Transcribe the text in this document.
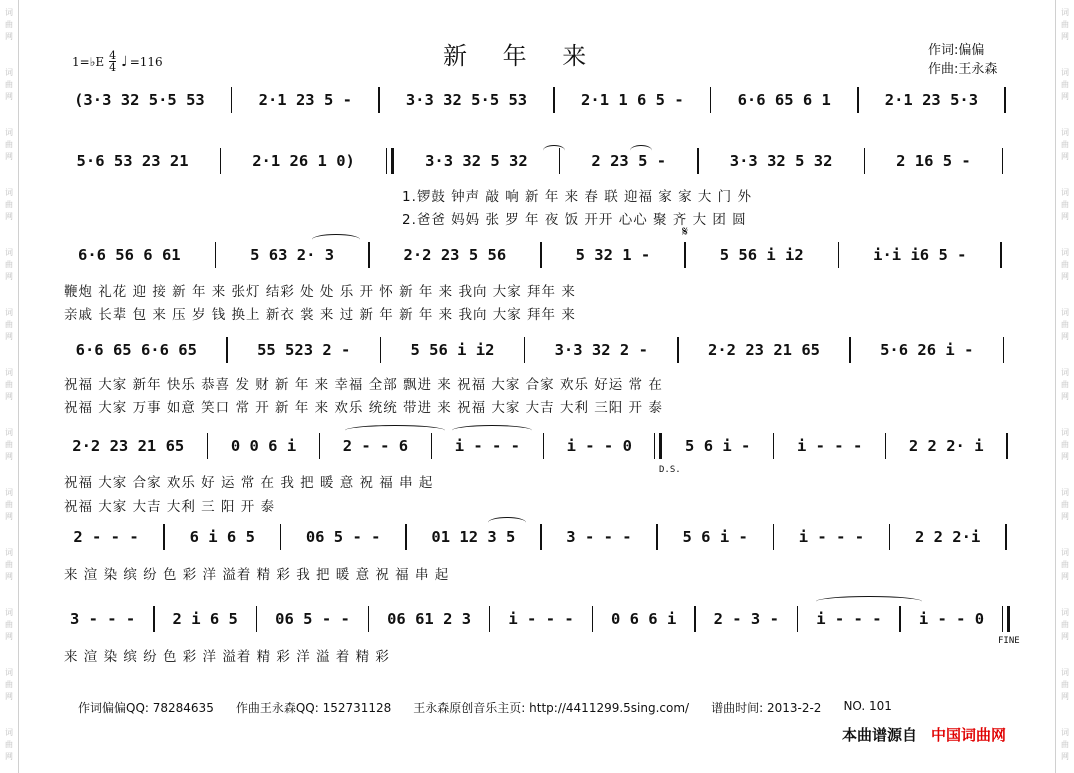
词
曲
网
词
曲
网
词
曲
网
词
曲
网
词
曲
网
词
曲
网
词
曲
网
词
曲
网
词
曲
网
词
曲
网
词
曲
网
词
曲
网
词
曲
网
词
曲
网
词
曲
网
词
曲
网
词
曲
网
词
曲
网
词
曲
网
词
曲
网
词
曲
网
词
曲
网
词
曲
网
词
曲
网
词
曲
网
词
曲
网
1=♭E $\frac{4}{4}$ ♩ =116	新 年 来	作词:偏偏
作曲:王永森
(3·3 32 5·5 53	2·1 23 5 -	3·3 32 5·5 53	2·1 1 6 5 -	6·6 65 6 1	2·1 23 5·3
5·6 53 23 21	2·1 26 1 0)	3·3 32 5 32	2 23 5 -	3·3 32 5 32	2 16 5 -
1.锣鼓 钟声 敲 响 新 年 来 春 联 迎福 家 家 大 门 外
2.爸爸 妈妈 张 罗 年 夜 饭 开开 心心 聚 齐 大 团 圆
6·6 56 6 61	5 63 2· 3	2·2 23 5 56	5 32 1 -	5 56 i i2	i·i i6 5 -
鞭炮 礼花 迎 接 新 年 来 张灯 结彩 处 处 乐 开 怀 新 年 来 我向 大家 拜年 来
亲戚 长辈 包 来 压 岁 钱 换上 新衣 裳 来 过 新 年 新 年 来 我向 大家 拜年 来
6·6 65 6·6 65	55 523 2 -	5 56 i i2	3·3 32 2 -	2·2 23 21 65	5·6 26 i -
祝福 大家 新年 快乐 恭喜 发 财 新 年 来 幸福 全部 飘进 来 祝福 大家 合家 欢乐 好运 常 在
祝福 大家 万事 如意 笑口 常 开 新 年 来 欢乐 统统 带进 来 祝福 大家 大吉 大利 三阳 开 泰
2·2 23 21 65	0 0 6 i	2 - - 6	i - - -	i - - 0	5 6 i -	i - - -	2 2 2· i
D.S.
祝福 大家 合家 欢乐 好 运 常 在 我 把 暖 意 祝 福 串 起
祝福 大家 大吉 大利 三 阳 开 泰
2 - - -	6 i 6 5	06 5 - -	01 12 3 5	3 - - -	5 6 i -	i - - -	2 2 2·i
来 渲 染 缤 纷 色 彩 洋 溢着 精 彩 我 把 暖 意 祝 福 串 起
3 - - - 2 i 6 5 06 5 - - 06 61 2 3 i - - - 0 6 6 i 2 - 3 - i - - - i - - 0
FINE
来 渲 染 缤 纷 色 彩 洋 溢着 精 彩 洋 溢 着 精 彩
𝄋
作词偏偏QQ: 78284635 作曲王永森QQ: 152731128 王永森原创音乐主页: http://4411299.5sing.com/ 谱曲时间: 2013-2-2 NO. 101
本曲谱源自 中国词曲网
